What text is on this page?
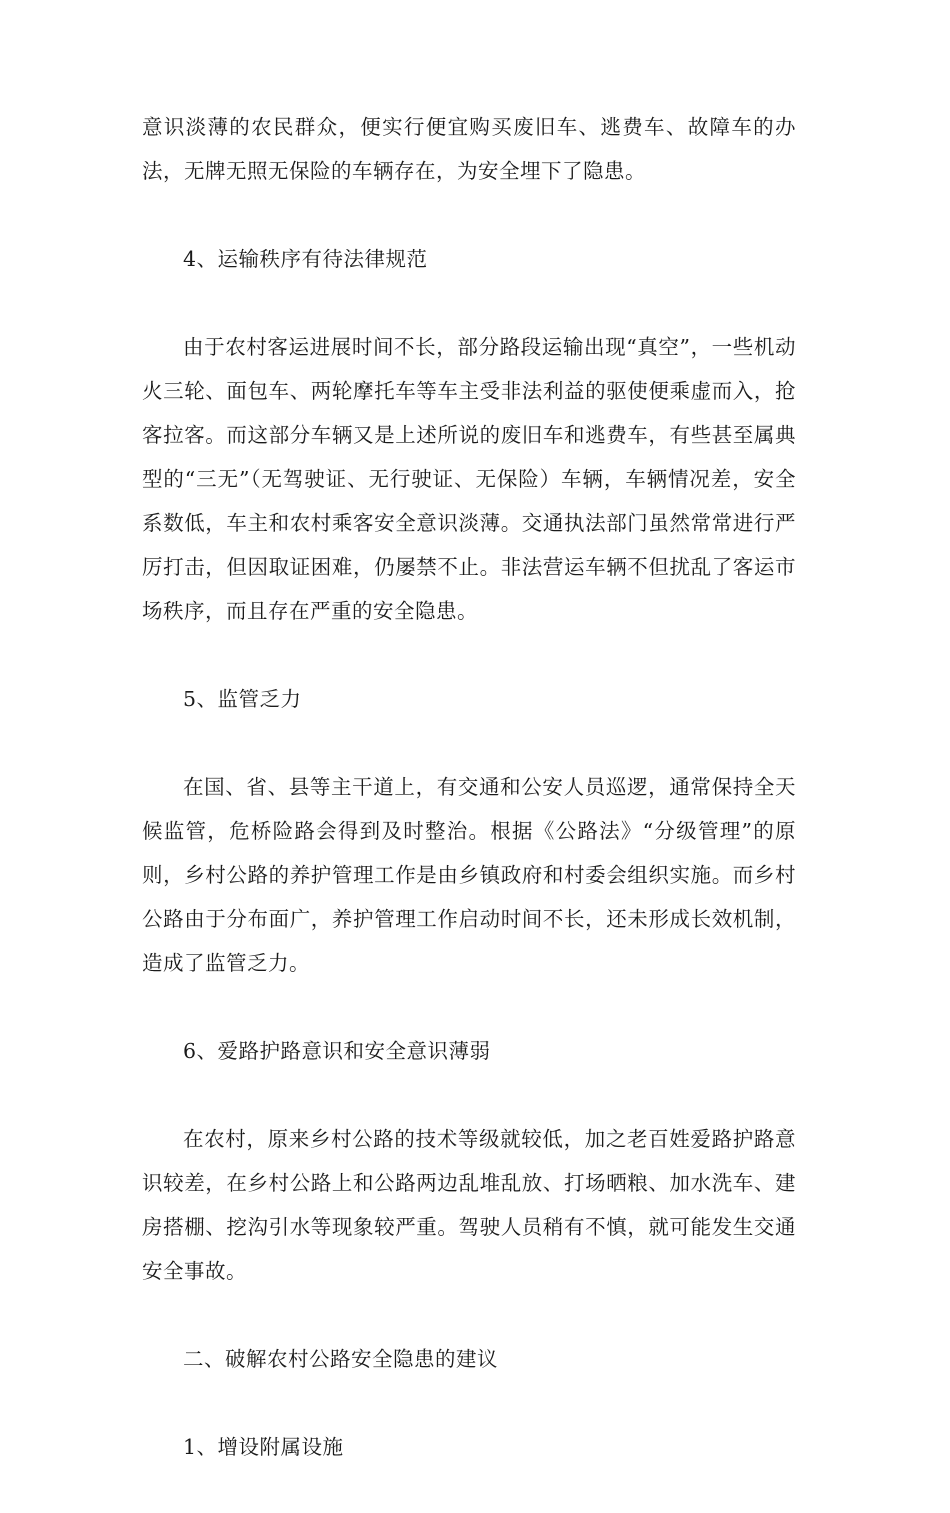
意识淡薄的农民群众，便实行便宜购买废旧车、逃费车、故障车的办法，无牌无照无保险的车辆存在，为安全埋下了隐患。

4、运输秩序有待法律规范

由于农村客运进展时间不长，部分路段运输出现“真空”，一些机动火三轮、面包车、两轮摩托车等车主受非法利益的驱使便乘虚而入，抢客拉客。而这部分车辆又是上述所说的废旧车和逃费车，有些甚至属典型的“三无”（无驾驶证、无行驶证、无保险）车辆，车辆情况差，安全系数低，车主和农村乘客安全意识淡薄。交通执法部门虽然常常进行严厉打击，但因取证困难，仍屡禁不止。非法营运车辆不但扰乱了客运市场秩序，而且存在严重的安全隐患。

5、监管乏力

在国、省、县等主干道上，有交通和公安人员巡逻，通常保持全天候监管，危桥险路会得到及时整治。根据《公路法》“分级管理”的原则，乡村公路的养护管理工作是由乡镇政府和村委会组织实施。而乡村公路由于分布面广，养护管理工作启动时间不长，还未形成长效机制，造成了监管乏力。

6、爱路护路意识和安全意识薄弱

在农村，原来乡村公路的技术等级就较低，加之老百姓爱路护路意识较差，在乡村公路上和公路两边乱堆乱放、打场晒粮、加水洗车、建房搭棚、挖沟引水等现象较严重。驾驶人员稍有不慎，就可能发生交通安全事故。

二、破解农村公路安全隐患的建议

1、增设附属设施
